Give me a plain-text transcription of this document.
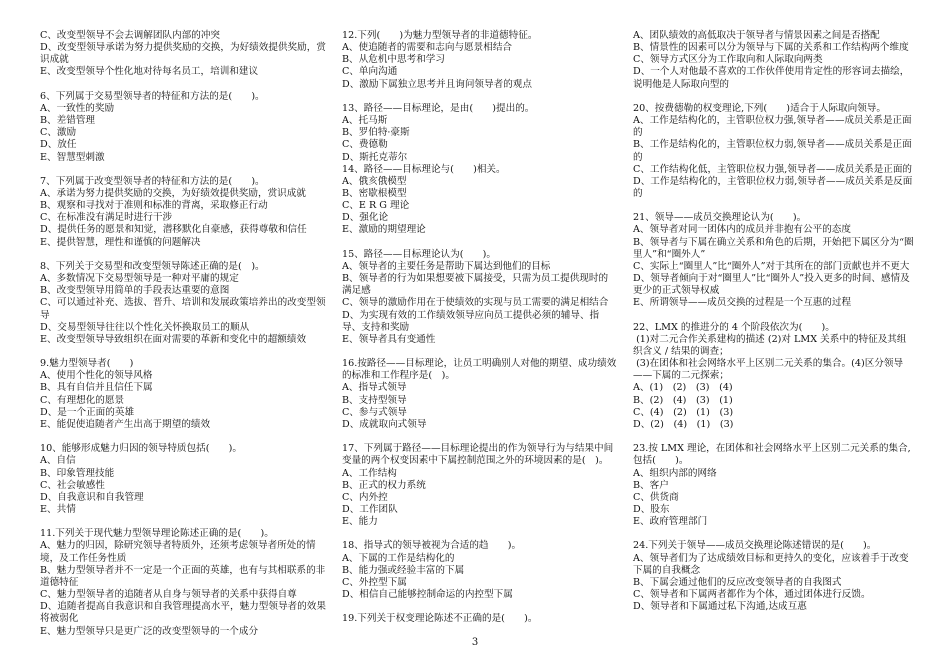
C、改变型领导不会去调解团队内部的冲突
D、改变型领导承诺为努力提供奖励的交换，为好绩效提供奖励，赏识成就
E、改变型领导个性化地对待每名员工，培训和建议
6、下列属于交易型领导者的特征和方法的是(　　)。
A、一致性的奖励
B、差错管理
C、激励
D、放任
E、智慧型刺激
7、下列属于改变型领导者的特征和方法的是(　　)。
A、承诺为努力提供奖励的交换，为好绩效提供奖励，赏识成就
B、观察和寻找对于准则和标准的背离，采取修正行动
C、在标准没有满足时进行干涉
D、提供任务的愿景和知觉，潜移默化自豪感，获得尊敬和信任
E、提供智慧，理性和谨慎的问题解决
8、下列关于交易型和改变型领导陈述正确的是(　)。
A、多数情况下交易型领导是一种对平庸的规定
B、改变型领导用简单的手段表达重要的意图
C、可以通过补充、选拔、晋升、培训和发展政策培养出的改变型领导
D、交易型领导往往以个性化关怀换取员工的顺从
E、改变型领导导致组织在面对需要的革新和变化中的超额绩效
9.魅力型领导者(　　)
A、使用个性化的领导风格
B、具有自信并且信任下属
C、有理想化的愿景
D、是一个正面的英雄
E、能促使追随者产生出高于期望的绩效
10、能够形成魅力归因的领导特质包括(　　)。
A、自信
B、印象管理技能
C、社会敏感性
D、自我意识和自我管理
E、共情
11.下列关于现代魅力型领导理论陈述正确的是(　　)。
A、魅力的归因，除研究领导者特质外，还须考虑领导者所处的情境，及工作任务性质
B、魅力型领导者并不一定是一个正面的英雄，也有与其相联系的非道德特征
C、魅力型领导者的追随者从自身与领导者的关系中获得自尊
D、追随者提高自我意识和自我管理提高水平，魅力型领导者的效果将被弱化
E、魅力型领导只是更广泛的改变型领导的一个成分
12.下列(　　)为魅力型领导者的非道德特征。
A、使追随者的需要和志向与愿景相结合
B、从危机中思考和学习
C、单向沟通
D、激励下属独立思考并且询问领导者的观点
13、路径——目标理论，是由(　　)提出的。
A、托马斯
B、罗伯特·豪斯
C、费德勒
D、斯托克蒂尔
14、路径——目标理论与(　　)相关。
A、俄亥俄模型
B、密歇根模型
C、E R G 理论
D、强化论
E、激励的期望理论
15、路径——目标理论认为(　　)。
A、领导者的主要任务是帮助下属达到他们的目标
B、领导者的行为如果想要被下属接受，只需为员工提供现时的满足感
C、领导的激励作用在于使绩效的实现与员工需要的满足相结合
D、为实现有效的工作绩效领导应向员工提供必须的辅导、指导、支持和奖励
E、领导者具有变通性
16.按路径——目标理论，让员工明确别人对他的期望、成功绩效的标准和工作程序是(　)。
A、指导式领导
B、支持型领导
C、参与式领导
D、成就取向式领导
17、下列属于路径——目标理论提出的作为领导行为与结果中间变量的两个权变因素中下属控制范围之外的环境因素的是(　)。
A、工作结构
B、正式的权力系统
C、内外控
D、工作团队
E、能力
18、指导式的领导被视为合适的趋　　)。
A、下属的工作是结构化的
B、能力强或经验丰富的下属
C、外控型下属
D、相信自己能够控制命运的内控型下属
19.下列关于权变理论陈述不正确的是(　　)。
A、团队绩效的高低取决于领导者与情景因素之间是否搭配
B、情景性的因素可以分为领导与下属的关系和工作结构两个维度
C、领导方式区分为工作取向和人际取向两类
D、一个人对他最不喜欢的工作伙伴使用肯定性的形容词去描绘，说明他是人际取向型的
20、按费德勒的权变理论,下列(　　)适合于人际取向领导。
A、工作是结构化的，主管职位权力强,领导者——成员关系是正面的
B、工作是结构化的，主管职位权力弱,领导者——成员关系是正面的
C、工作结构化低，主管职位权力强,领导者——成员关系是正面的
D、工作是结构化的，主管职位权力弱,领导者——成员关系是反面的
21、领导——成员交换理论认为(　　)。
A、领导者对同一团体内的成员并非抱有公平的态度
B、领导者与下属在确立关系和角色的后期，开始把下属区分为“圈里人”和“圈外人”
C、实际上“圈里人”比“圈外人”对于其所在的部门贡献也并不更大
D、领导者倾向于对“圈里人”比“圈外人”投入更多的时间、感情及更少的正式领导权威
E、所谓领导——成员交换的过程是一个互惠的过程
22、LMX 的推进分的 4 个阶段依次为(　　)。
(1)对二元合作关系建构的描述 (2)对 LMX 关系中的特征及其组织含义 / 结果的调查；
(3)在团体和社会网络水平上区别二元关系的集合。(4)区分领导——下属的二元探索；
A、(1)　(2)　(3)　(4)
B、(2)　(4)　(3)　(1)
C、(4)　(2)　(1)　(3)
D、(2)　(4)　(1)　(3)
23.按 LMX 理论，在团体和社会网络水平上区别二元关系的集合,包括(　　)。
A、组织内部的网络
B、客户
C、供货商
D、股东
E、政府管理部门
24.下列关于领导——成员交换理论陈述错误的是(　　)。
A、领导者们为了达成绩效目标和更持久的变化，应该着手于改变下属的自我概念
B、下属会通过他们的反应改变领导者的自我图式
C、领导者和下属两者都作为个体，通过团体进行反馈。
D、领导者和下属通过私下沟通,达成互惠
3
